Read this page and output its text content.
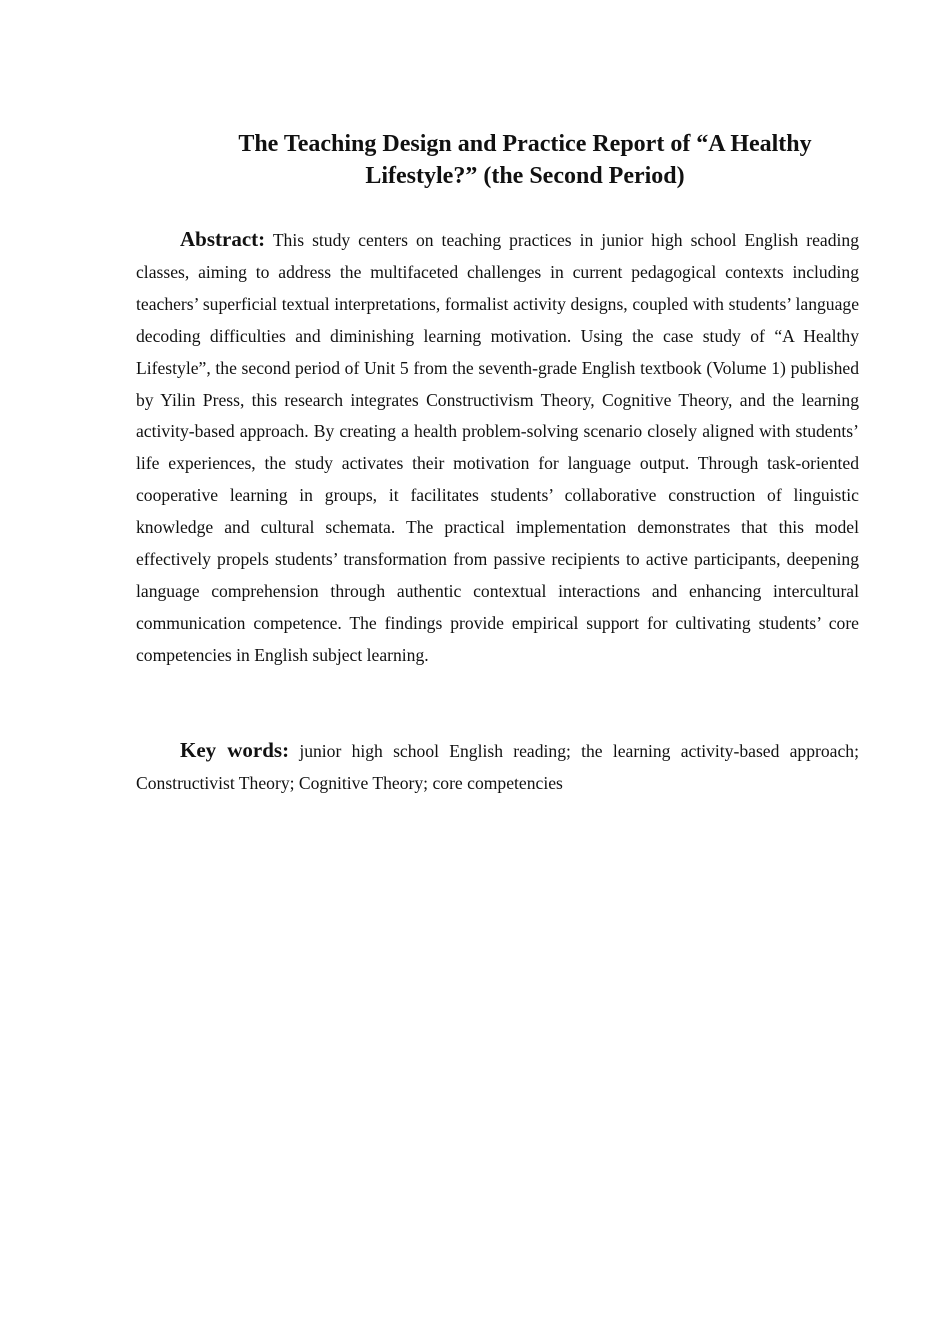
The Teaching Design and Practice Report of “A Healthy Lifestyle?” (the Second Period)

Abstract: This study centers on teaching practices in junior high school English reading classes, aiming to address the multifaceted challenges in current pedagogical contexts including teachers’ superficial textual interpretations, formalist activity designs, coupled with students’ language decoding difficulties and diminishing learning motivation. Using the case study of “A Healthy Lifestyle”, the second period of Unit 5 from the seventh-grade English textbook (Volume 1) published by Yilin Press, this research integrates Constructivism Theory, Cognitive Theory, and the learning activity-based approach. By creating a health problem-solving scenario closely aligned with students’ life experiences, the study activates their motivation for language output. Through task-oriented cooperative learning in groups, it facilitates students’ collaborative construction of linguistic knowledge and cultural schemata. The practical implementation demonstrates that this model effectively propels students’ transformation from passive recipients to active participants, deepening language comprehension through authentic contextual interactions and enhancing intercultural communication competence. The findings provide empirical support for cultivating students’ core competencies in English subject learning.

Key words: junior high school English reading; the learning activity-based approach; Constructivist Theory; Cognitive Theory; core competencies
